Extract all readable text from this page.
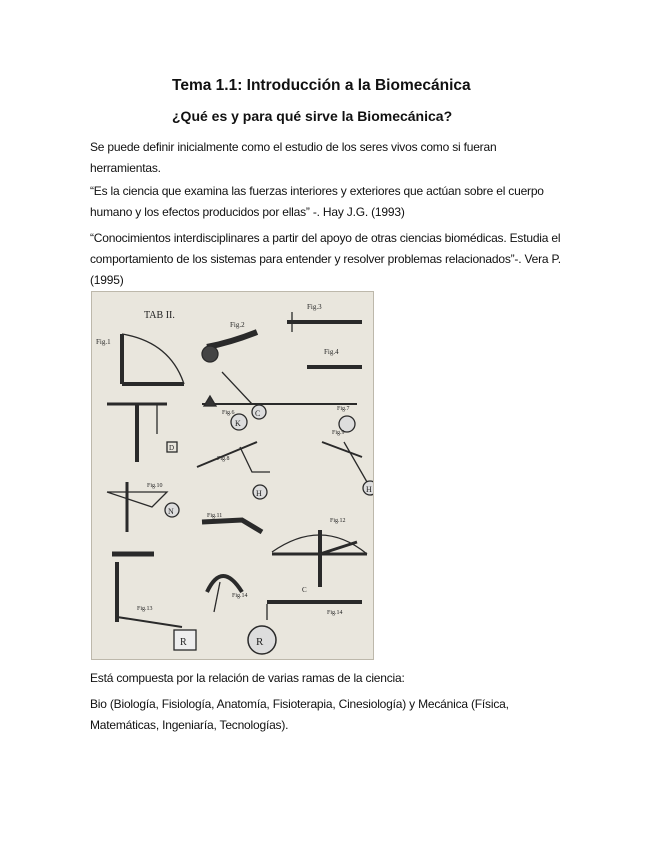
Tema 1.1: Introducción a la Biomecánica
¿Qué es y para qué sirve la Biomecánica?
Se puede definir inicialmente como el estudio de los seres vivos como si fueran herramientas.
“Es la ciencia que examina las fuerzas interiores y exteriores que actúan sobre el cuerpo humano y los efectos producidos por ellas” -. Hay J.G. (1993)
“Conocimientos interdisciplinares a partir del apoyo de otras ciencias biomédicas. Estudia el comportamiento de los sistemas para entender y resolver problemas relacionados”-. Vera P. (1995)
TAB II.
Fig.1
Fig.2
Fig.3
Fig.4
K
C
Fig.6
Fig.7
D
Fig.8
H	H
Fig.9
N
Fig.10
Fig.11
Fig.12
R
Fig.13
Fig.14
R
Fig.14
C
Está compuesta por la relación de varias ramas de la ciencia:
Bio (Biología, Fisiología, Anatomía, Fisioterapia, Cinesiología) y Mecánica (Física, Matemáticas, Ingeniaría, Tecnologías).
